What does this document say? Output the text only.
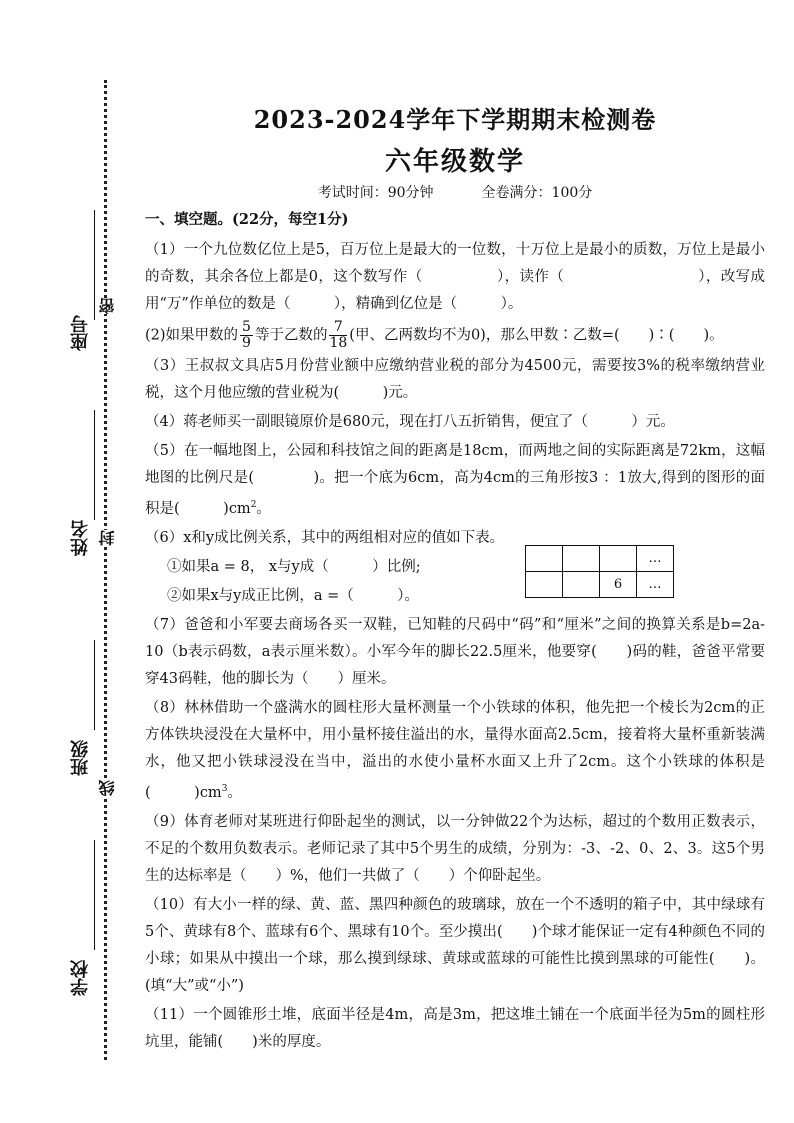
密
座号
封
姓名
线
班级
学校
2023-2024学年下学期期末检测卷
六年级数学
考试时间：90分钟	全卷满分：100分
一、填空题。(22分，每空1分)

（1）一个九位数亿位上是5，百万位上是最大的一位数，十万位上是最小的质数，万位上是最小的奇数，其余各位上都是0，这个数写作（　　　　　），读作（　　　　　　　　　），改写成用“万”作单位的数是（　　　），精确到亿位是（　　　）。

(2)如果甲数的 $\frac{5}{9}$ 等于乙数的 $\frac{7}{18}$ (甲、乙两数均不为0)，那么甲数∶乙数=(　　)∶(　　)。

（3）王叔叔文具店5月份营业额中应缴纳营业税的部分为4500元，需要按3%的税率缴纳营业税，这个月他应缴的营业税为(　　　)元。

（4）蒋老师买一副眼镜原价是680元，现在打八五折销售，便宜了（　　　）元。

（5）在一幅地图上，公园和科技馆之间的距离是18cm，而两地之间的实际距离是72km，这幅地图的比例尺是(　　　　)。把一个底为6cm，高为4cm的三角形按3 ：1放大,得到的图形的面积是(　　　)$cm^2$。

（6）x和y成比例关系，其中的两组相对应的值如下表。

①如果a = 8， x与y成（　　　）比例;

②如果x与y成正比例，a =（　　　）。

			…
		6	…

（7）爸爸和小军要去商场各买一双鞋，已知鞋的尺码中“码”和“厘米”之间的换算关系是b=2a-10（b表示码数，a表示厘米数）。小军今年的脚长22.5厘米，他要穿(　　)码的鞋，爸爸平常要穿43码鞋，他的脚长为（　　）厘米。

（8）林林借助一个盛满水的圆柱形大量杯测量一个小铁球的体积，他先把一个棱长为2cm的正方体铁块浸没在大量杯中，用小量杯接住溢出的水，量得水面高2.5cm，接着将大量杯重新装满水，他又把小铁球浸没在当中，溢出的水使小量杯水面又上升了2cm。这个小铁球的体积是(　　　)$cm^3$。

（9）体育老师对某班进行仰卧起坐的测试，以一分钟做22个为达标，超过的个数用正数表示，不足的个数用负数表示。老师记录了其中5个男生的成绩，分别为：-3、-2、0、2、3。这5个男生的达标率是（　　）%，他们一共做了（　　）个仰卧起坐。

（10）有大小一样的绿、黄、蓝、黑四种颜色的玻璃球，放在一个不透明的箱子中，其中绿球有5个、黄球有8个、蓝球有6个、黑球有10个。至少摸出(　　)个球才能保证一定有4种颜色不同的小球；如果从中摸出一个球，那么摸到绿球、黄球或蓝球的可能性比摸到黑球的可能性(　　)。(填“大”或“小”)

（11）一个圆锥形土堆，底面半径是4m，高是3m，把这堆土铺在一个底面半径为5m的圆柱形坑里，能铺(　　)米的厚度。
